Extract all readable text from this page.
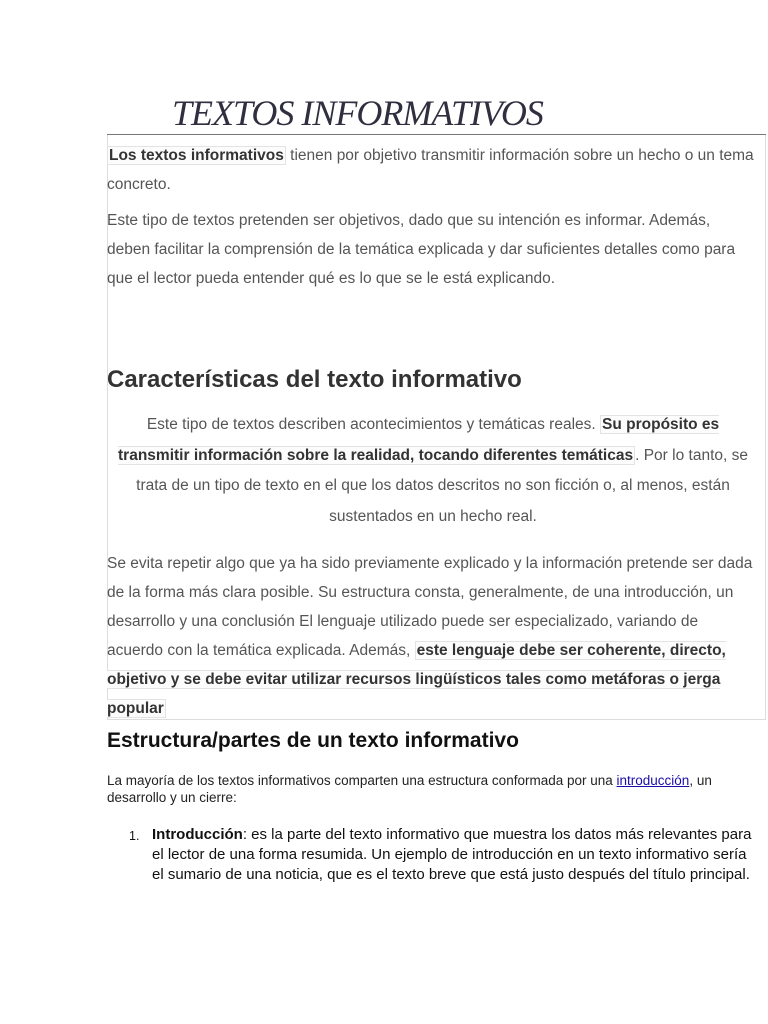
TEXTOS INFORMATIVOS

Los textos informativos tienen por objetivo transmitir información sobre un hecho o un tema concreto.

Este tipo de textos pretenden ser objetivos, dado que su intención es informar. Además, deben facilitar la comprensión de la temática explicada y dar suficientes detalles como para que el lector pueda entender qué es lo que se le está explicando.

Características del texto informativo

Este tipo de textos describen acontecimientos y temáticas reales. Su propósito es transmitir información sobre la realidad, tocando diferentes temáticas . Por lo tanto, se trata de un tipo de texto en el que los datos descritos no son ficción o, al menos, están sustentados en un hecho real.

Se evita repetir algo que ya ha sido previamente explicado y la información pretende ser dada de la forma más clara posible. Su estructura consta, generalmente, de una introducción, un desarrollo y una conclusión El lenguaje utilizado puede ser especializado, variando de acuerdo con la temática explicada. Además, este lenguaje debe ser coherente, directo, objetivo y se debe evitar utilizar recursos lingüísticos tales como metáforas o jerga popular

Estructura/partes de un texto informativo

La mayoría de los textos informativos comparten una estructura conformada por una introducción, un desarrollo y un cierre:

1. Introducción: es la parte del texto informativo que muestra los datos más relevantes para el lector de una forma resumida. Un ejemplo de introducción en un texto informativo sería el sumario de una noticia, que es el texto breve que está justo después del título principal.
